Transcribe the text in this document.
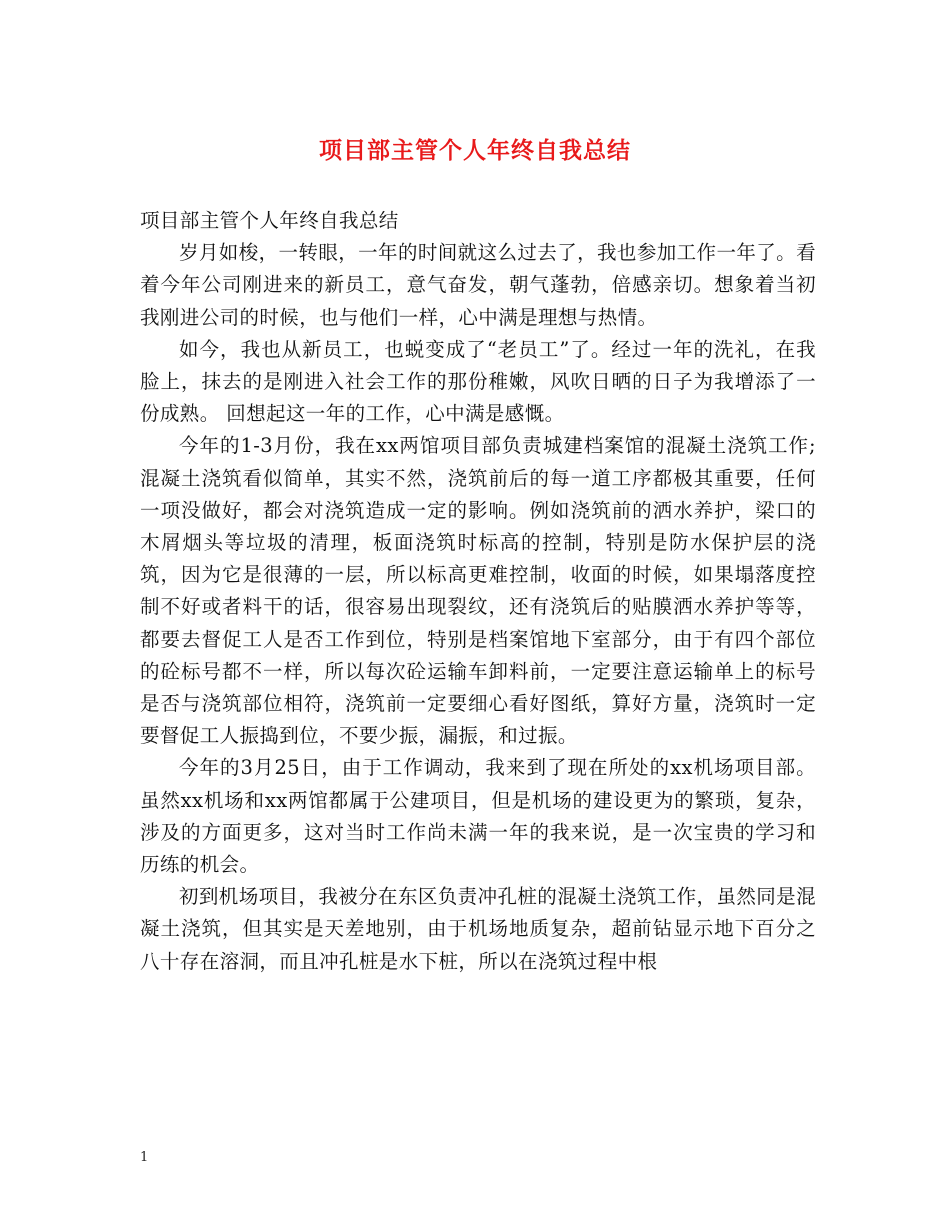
项目部主管个人年终自我总结

项目部主管个人年终自我总结

岁月如梭，一转眼，一年的时间就这么过去了，我也参加工作一年了。看着今年公司刚进来的新员工，意气奋发，朝气蓬勃，倍感亲切。想象着当初我刚进公司的时候，也与他们一样，心中满是理想与热情。

如今，我也从新员工，也蜕变成了“老员工”了。经过一年的洗礼，在我脸上，抹去的是刚进入社会工作的那份稚嫩，风吹日晒的日子为我增添了一份成熟。 回想起这一年的工作，心中满是感慨。

今年的1-3月份，我在xx两馆项目部负责城建档案馆的混凝土浇筑工作;混凝土浇筑看似简单，其实不然，浇筑前后的每一道工序都极其重要，任何一项没做好，都会对浇筑造成一定的影响。例如浇筑前的洒水养护，梁口的木屑烟头等垃圾的清理，板面浇筑时标高的控制，特别是防水保护层的浇筑，因为它是很薄的一层，所以标高更难控制，收面的时候，如果塌落度控制不好或者料干的话，很容易出现裂纹，还有浇筑后的贴膜洒水养护等等，都要去督促工人是否工作到位，特别是档案馆地下室部分，由于有四个部位的砼标号都不一样，所以每次砼运输车卸料前，一定要注意运输单上的标号是否与浇筑部位相符，浇筑前一定要细心看好图纸，算好方量，浇筑时一定要督促工人振捣到位，不要少振，漏振，和过振。

今年的3月25日，由于工作调动，我来到了现在所处的xx机场项目部。虽然xx机场和xx两馆都属于公建项目，但是机场的建设更为的繁琐，复杂，涉及的方面更多，这对当时工作尚未满一年的我来说，是一次宝贵的学习和历练的机会。

初到机场项目，我被分在东区负责冲孔桩的混凝土浇筑工作，虽然同是混凝土浇筑，但其实是天差地别，由于机场地质复杂，超前钻显示地下百分之八十存在溶洞，而且冲孔桩是水下桩，所以在浇筑过程中根

1
